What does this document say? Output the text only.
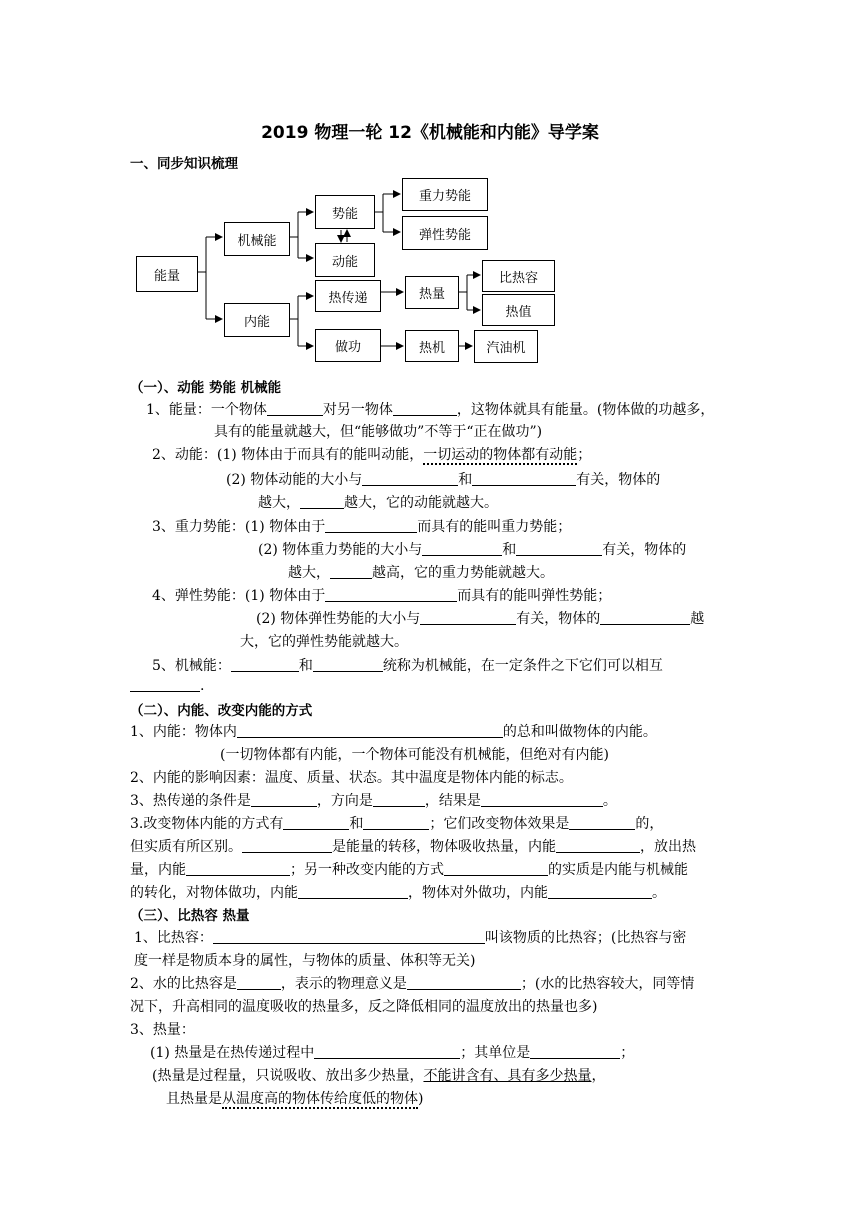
2019 物理一轮 12《机械能和内能》导学案
一、同步知识梳理
能量
机械能
内能
势能
动能
重力势能
弹性势能
热传递
做功
热量
热机
比热容
热值
汽油机
（一）、动能 势能 机械能
1、能量：一个物体	对另一物体	，这物体就具有能量。(物体做的功越多，
具有的能量就越大，但“能够做功”不等于“正在做功”)
2、动能：(1) 物体由于而具有的能叫动能，一切运动的物体都有动能；
(2) 物体动能的大小与	和	有关，物体的
越大，	越大，它的动能就越大。
3、重力势能：(1) 物体由于	而具有的能叫重力势能；
(2) 物体重力势能的大小与	和	有关，物体的
越大，	越高，它的重力势能就越大。
4、弹性势能：(1) 物体由于	而具有的能叫弹性势能；
(2) 物体弹性势能的大小与	有关，物体的	越
大，它的弹性势能就越大。
5、机械能：	和	统称为机械能，在一定条件之下它们可以相互
.
（二）、内能、改变内能的方式
1、内能：物体内	的总和叫做物体的内能。
(一切物体都有内能，一个物体可能没有机械能，但绝对有内能)
2、内能的影响因素：温度、质量、状态。其中温度是物体内能的标志。
3、热传递的条件是	，方向是	，结果是	。
3.改变物体内能的方式有	和	；它们改变物体效果是	的，
但实质有所区别。	是能量的转移，物体吸收热量，内能	，放出热
量，内能	；另一种改变内能的方式	的实质是内能与机械能
的转化，对物体做功，内能	，物体对外做功，内能	。
（三）、比热容 热量
1、比热容：	叫该物质的比热容；(比热容与密
度一样是物质本身的属性，与物体的质量、体积等无关)
2、水的比热容是	，表示的物理意义是	；(水的比热容较大，同等情
况下，升高相同的温度吸收的热量多，反之降低相同的温度放出的热量也多)
3、热量：
(1) 热量是在热传递过程中	；其单位是	；
(热量是过程量，只说吸收、放出多少热量，不能讲含有、具有多少热量，
且热量是从温度高的物体传给度低的物体)
